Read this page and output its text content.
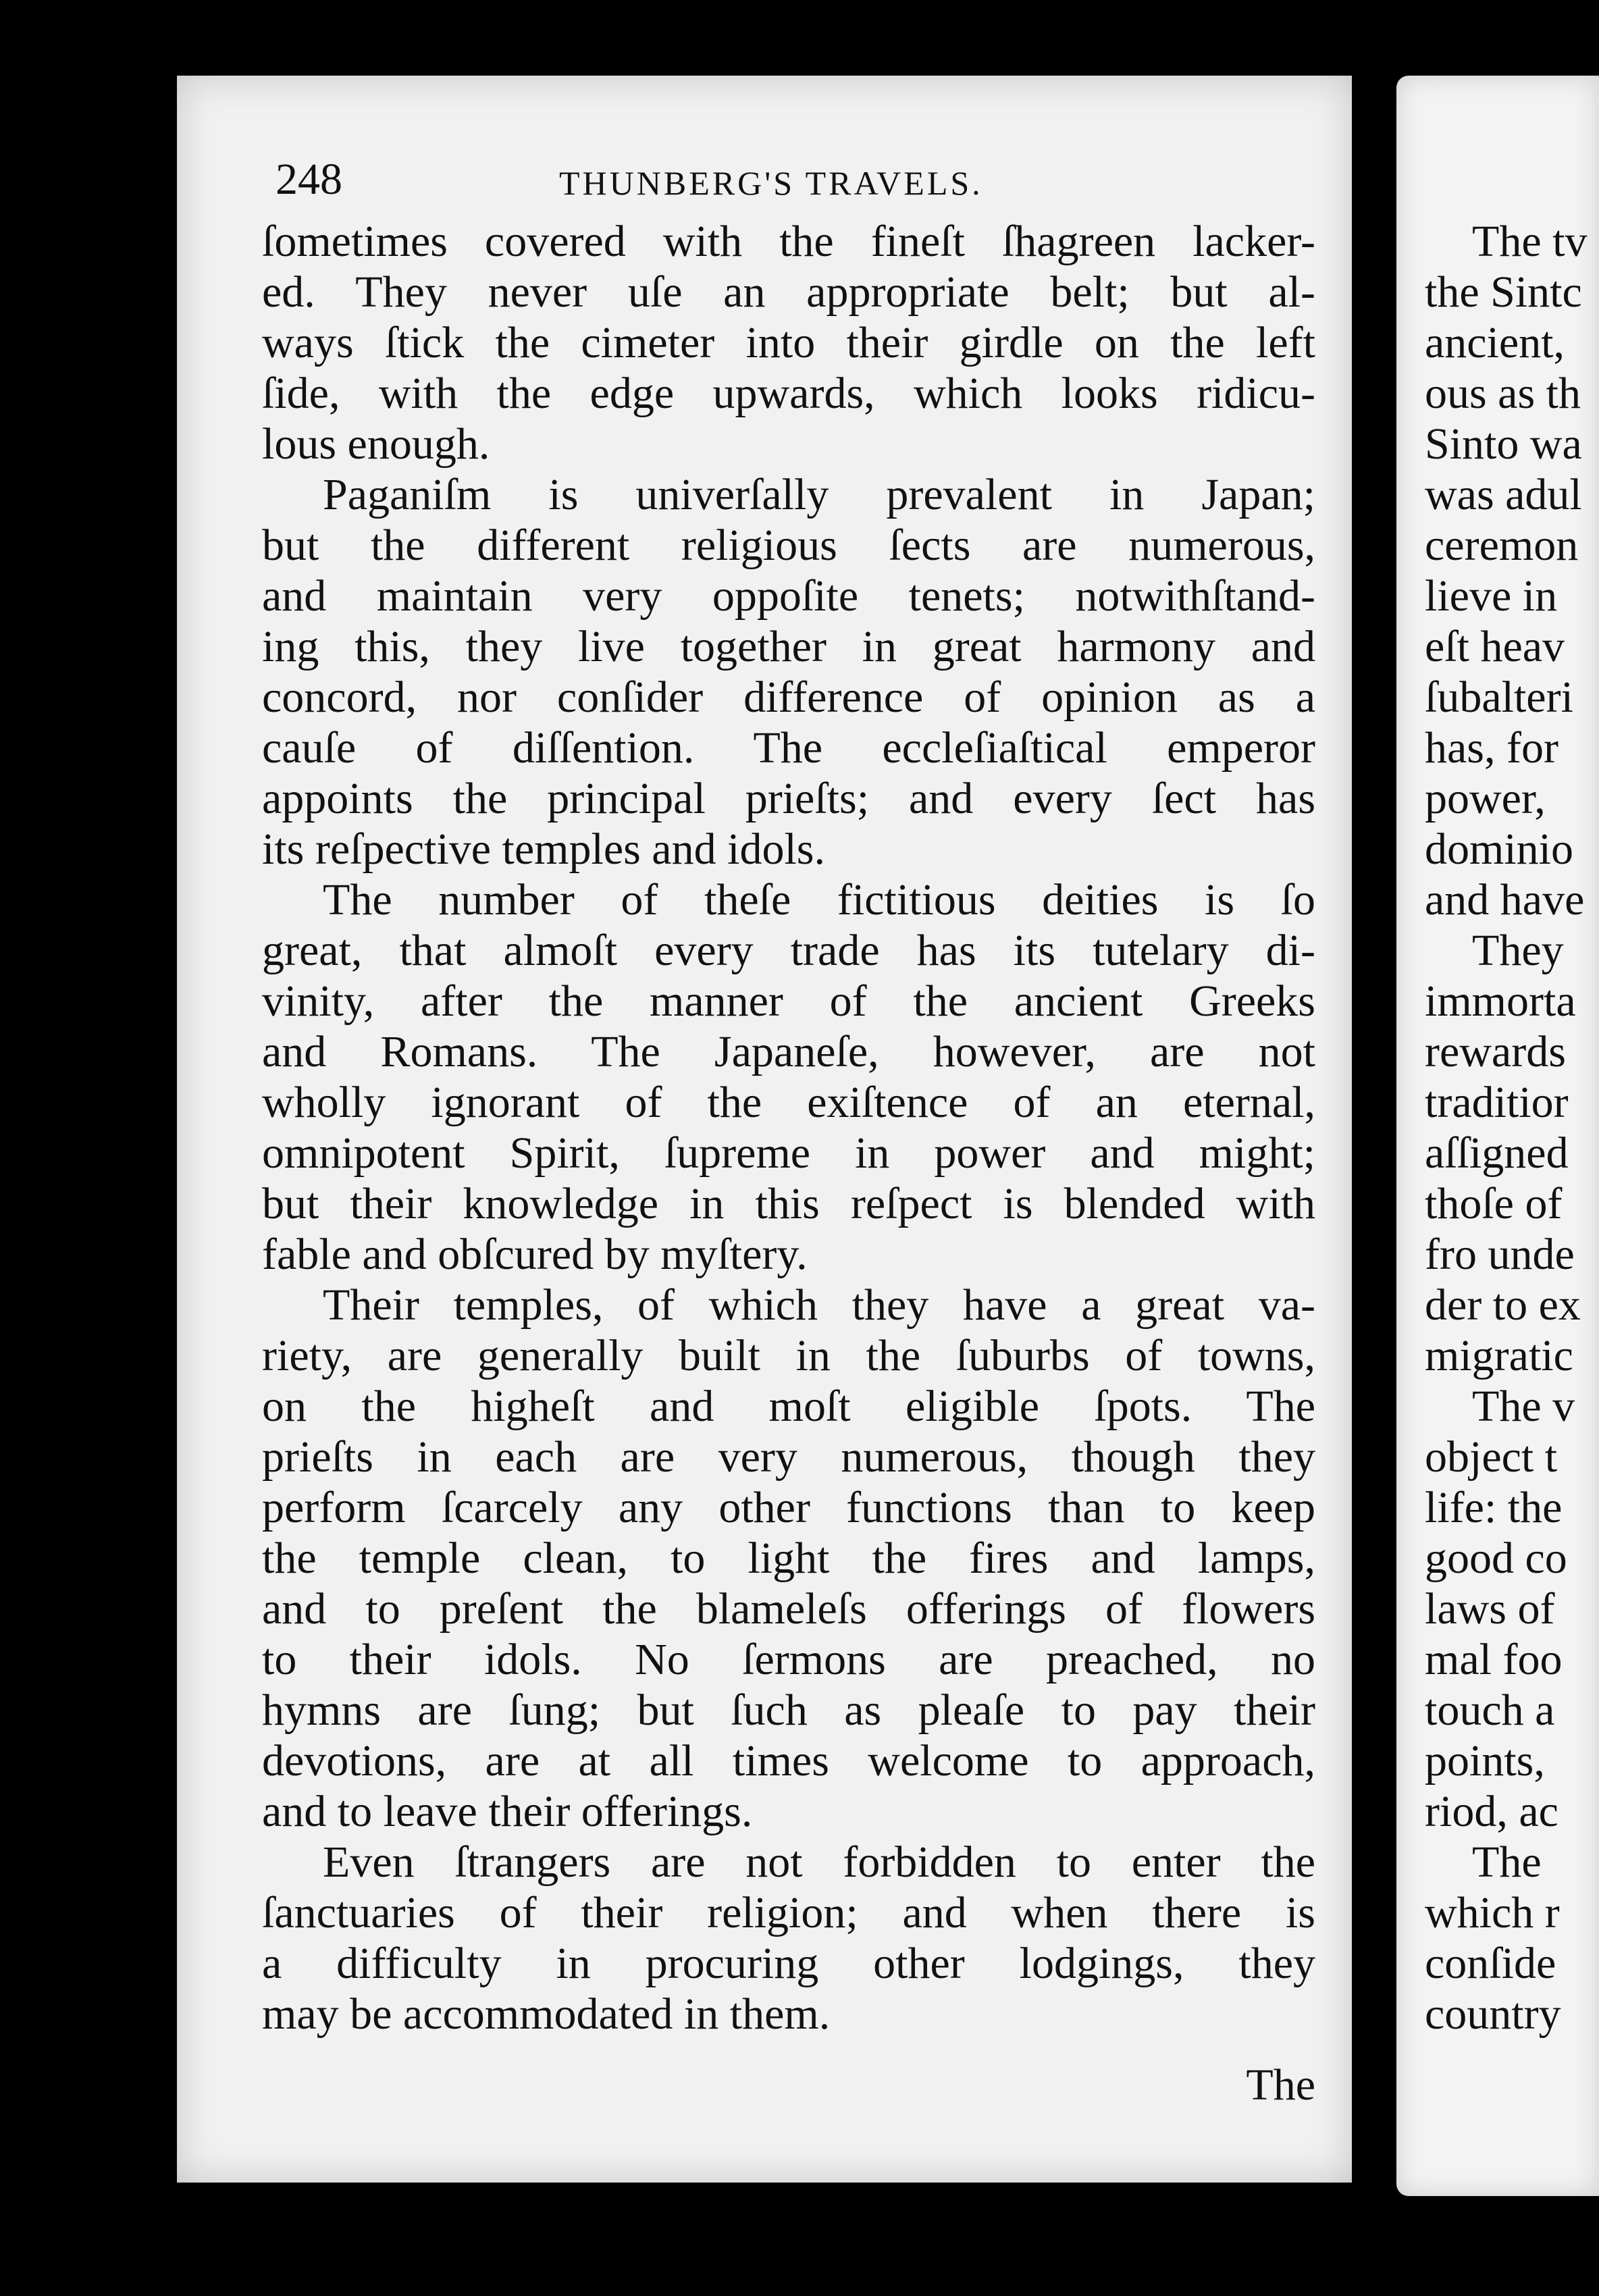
248	THUNBERG'S TRAVELS.
ſometimes covered with the fineſt ſhagreen lacker-
ed. They never uſe an appropriate belt; but al-
ways ſtick the cimeter into their girdle on the left
ſide, with the edge upwards, which looks ridicu-
lous enough.
Paganiſm is univerſally prevalent in Japan;
but the different religious ſects are numerous,
and maintain very oppoſite tenets; notwithſtand-
ing this, they live together in great harmony and
concord, nor conſider difference of opinion as a
cauſe of diſſention. The eccleſiaſtical emperor
appoints the principal prieſts; and every ſect has
its reſpective temples and idols.
The number of theſe fictitious deities is ſo
great, that almoſt every trade has its tutelary di-
vinity, after the manner of the ancient Greeks
and Romans. The Japaneſe, however, are not
wholly ignorant of the exiſtence of an eternal,
omnipotent Spirit, ſupreme in power and might;
but their knowledge in this reſpect is blended with
fable and obſcured by myſtery.
Their temples, of which they have a great va-
riety, are generally built in the ſuburbs of towns,
on the higheſt and moſt eligible ſpots. The
prieſts in each are very numerous, though they
perform ſcarcely any other functions than to keep
the temple clean, to light the fires and lamps,
and to preſent the blameleſs offerings of flowers
to their idols. No ſermons are preached, no
hymns are ſung; but ſuch as pleaſe to pay their
devotions, are at all times welcome to approach,
and to leave their offerings.
Even ſtrangers are not forbidden to enter the
ſanctuaries of their religion; and when there is
a difficulty in procuring other lodgings, they
may be accommodated in them.
The
The tv
the Sintc
ancient,
ous as th
Sinto wa
was adul
ceremon
lieve in
eſt heav
ſubalteri
has, for
power,
dominio
and have
They
immorta
rewards
traditior
aſſigned
thoſe of
fro unde
der to ex
migratic
The v
object t
life: the
good co
laws of
mal foo
touch a
points,
riod, ac
The
which r
conſide
country
